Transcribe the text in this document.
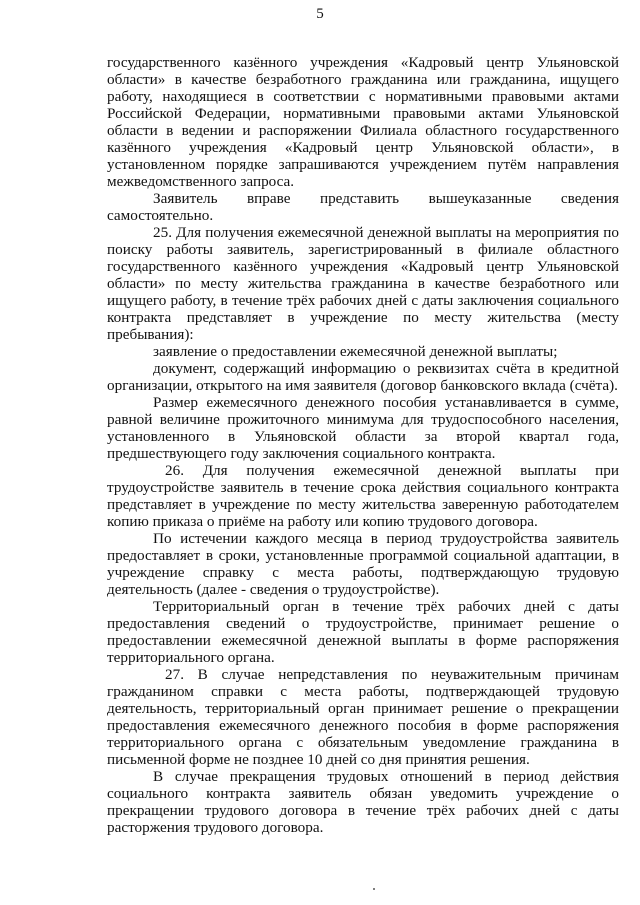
5

государственного казённого учреждения «Кадровый центр Ульяновской области» в качестве безработного гражданина или гражданина, ищущего работу, находящиеся в соответствии с нормативными правовыми актами Российской Федерации, нормативными правовыми актами Ульяновской области в ведении и распоряжении Филиала областного государственного казённого учреждения «Кадровый центр Ульяновской области», в установленном порядке запрашиваются учреждением путём направления межведомственного запроса.

Заявитель вправе представить вышеуказанные сведения самостоятельно.

25. Для получения ежемесячной денежной выплаты на мероприятия по поиску работы заявитель, зарегистрированный в филиале областного государственного казённого учреждения «Кадровый центр Ульяновской области» по месту жительства гражданина в качестве безработного или ищущего работу, в течение трёх рабочих дней с даты заключения социального контракта представляет в учреждение по месту жительства (месту пребывания):

заявление о предоставлении ежемесячной денежной выплаты;

документ, содержащий информацию о реквизитах счёта в кредитной организации, открытого на имя заявителя (договор банковского вклада (счёта).

Размер ежемесячного денежного пособия устанавливается в сумме, равной величине прожиточного минимума для трудоспособного населения, установленного в Ульяновской области за второй квартал года, предшествующего году заключения социального контракта.

26. Для получения ежемесячной денежной выплаты при трудоустройстве заявитель в течение срока действия социального контракта представляет в учреждение по месту жительства заверенную работодателем копию приказа о приёме на работу или копию трудового договора.

По истечении каждого месяца в период трудоустройства заявитель предоставляет в сроки, установленные программой социальной адаптации, в учреждение справку с места работы, подтверждающую трудовую деятельность (далее - сведения о трудоустройстве).

Территориальный орган в течение трёх рабочих дней с даты предоставления сведений о трудоустройстве, принимает решение о предоставлении ежемесячной денежной выплаты в форме распоряжения территориального органа.

27. В случае непредставления по неуважительным причинам гражданином справки с места работы, подтверждающей трудовую деятельность, территориальный орган принимает решение о прекращении предоставления ежемесячного денежного пособия в форме распоряжения территориального органа с обязательным уведомление гражданина в письменной форме не позднее 10 дней со дня принятия решения.

В случае прекращения трудовых отношений в период действия социального контракта заявитель обязан уведомить учреждение о прекращении трудового договора в течение трёх рабочих дней с даты расторжения трудового договора.
